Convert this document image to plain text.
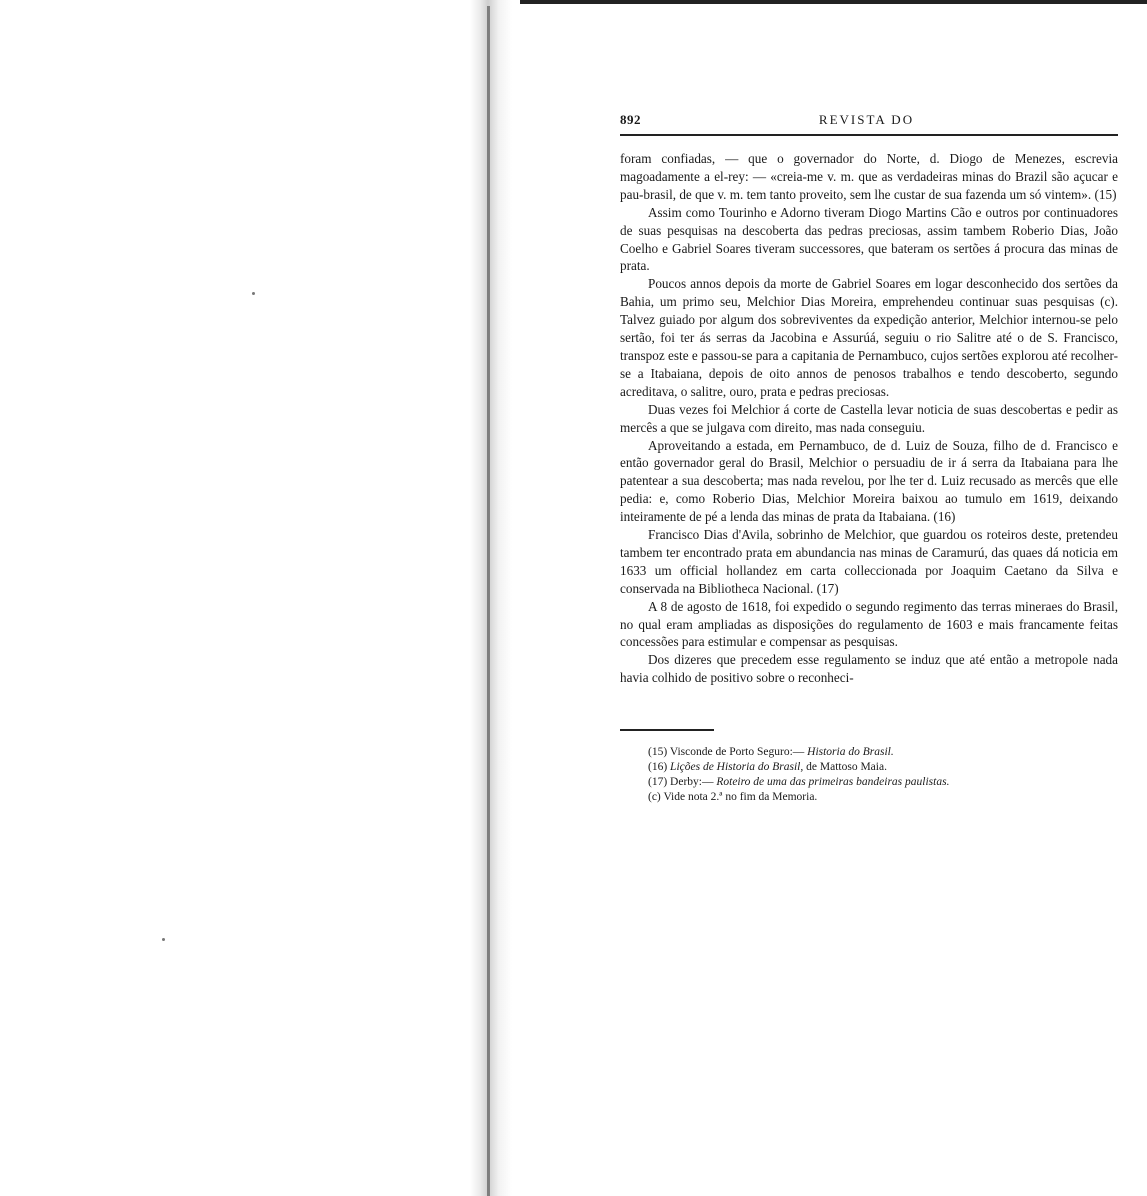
892	REVISTA DO

foram confiadas, — que o governador do Norte, d. Diogo de Menezes, escrevia magoadamente a el-rey: — «creia-me v. m. que as verdadeiras minas do Brazil são açucar e pau-brasil, de que v. m. tem tanto proveito, sem lhe custar de sua fazenda um só vintem». (15)

Assim como Tourinho e Adorno tiveram Diogo Martins Cão e outros por continuadores de suas pesquisas na descoberta das pedras preciosas, assim tambem Roberio Dias, João Coelho e Gabriel Soares tiveram successores, que bateram os sertões á procura das minas de prata.

Poucos annos depois da morte de Gabriel Soares em logar desconhecido dos sertões da Bahia, um primo seu, Melchior Dias Moreira, emprehendeu continuar suas pesquisas (c). Talvez guiado por algum dos sobreviventes da expedição anterior, Melchior internou-se pelo sertão, foi ter ás serras da Jacobina e Assurúá, seguiu o rio Salitre até o de S. Francisco, transpoz este e passou-se para a capitania de Pernambuco, cujos sertões explorou até recolher-se a Itabaiana, depois de oito annos de penosos trabalhos e tendo descoberto, segundo acreditava, o salitre, ouro, prata e pedras preciosas.

Duas vezes foi Melchior á corte de Castella levar noticia de suas descobertas e pedir as mercês a que se julgava com direito, mas nada conseguiu.

Aproveitando a estada, em Pernambuco, de d. Luiz de Souza, filho de d. Francisco e então governador geral do Brasil, Melchior o persuadiu de ir á serra da Itabaiana para lhe patentear a sua descoberta; mas nada revelou, por lhe ter d. Luiz recusado as mercês que elle pedia: e, como Roberio Dias, Melchior Moreira baixou ao tumulo em 1619, deixando inteiramente de pé a lenda das minas de prata da Itabaiana. (16)

Francisco Dias d'Avila, sobrinho de Melchior, que guardou os roteiros deste, pretendeu tambem ter encontrado prata em abundancia nas minas de Caramurú, das quaes dá noticia em 1633 um official hollandez em carta colleccionada por Joaquim Caetano da Silva e conservada na Bibliotheca Nacional. (17)

A 8 de agosto de 1618, foi expedido o segundo regimento das terras mineraes do Brasil, no qual eram ampliadas as disposições do regulamento de 1603 e mais francamente feitas concessões para estimular e compensar as pesquisas.

Dos dizeres que precedem esse regulamento se induz que até então a metropole nada havia colhido de positivo sobre o reconheci-

(15) Visconde de Porto Seguro:— Historia do Brasil.
(16) Lições de Historia do Brasil, de Mattoso Maia.
(17) Derby:— Roteiro de uma das primeiras bandeiras paulistas.
(c) Vide nota 2.ª no fim da Memoria.
